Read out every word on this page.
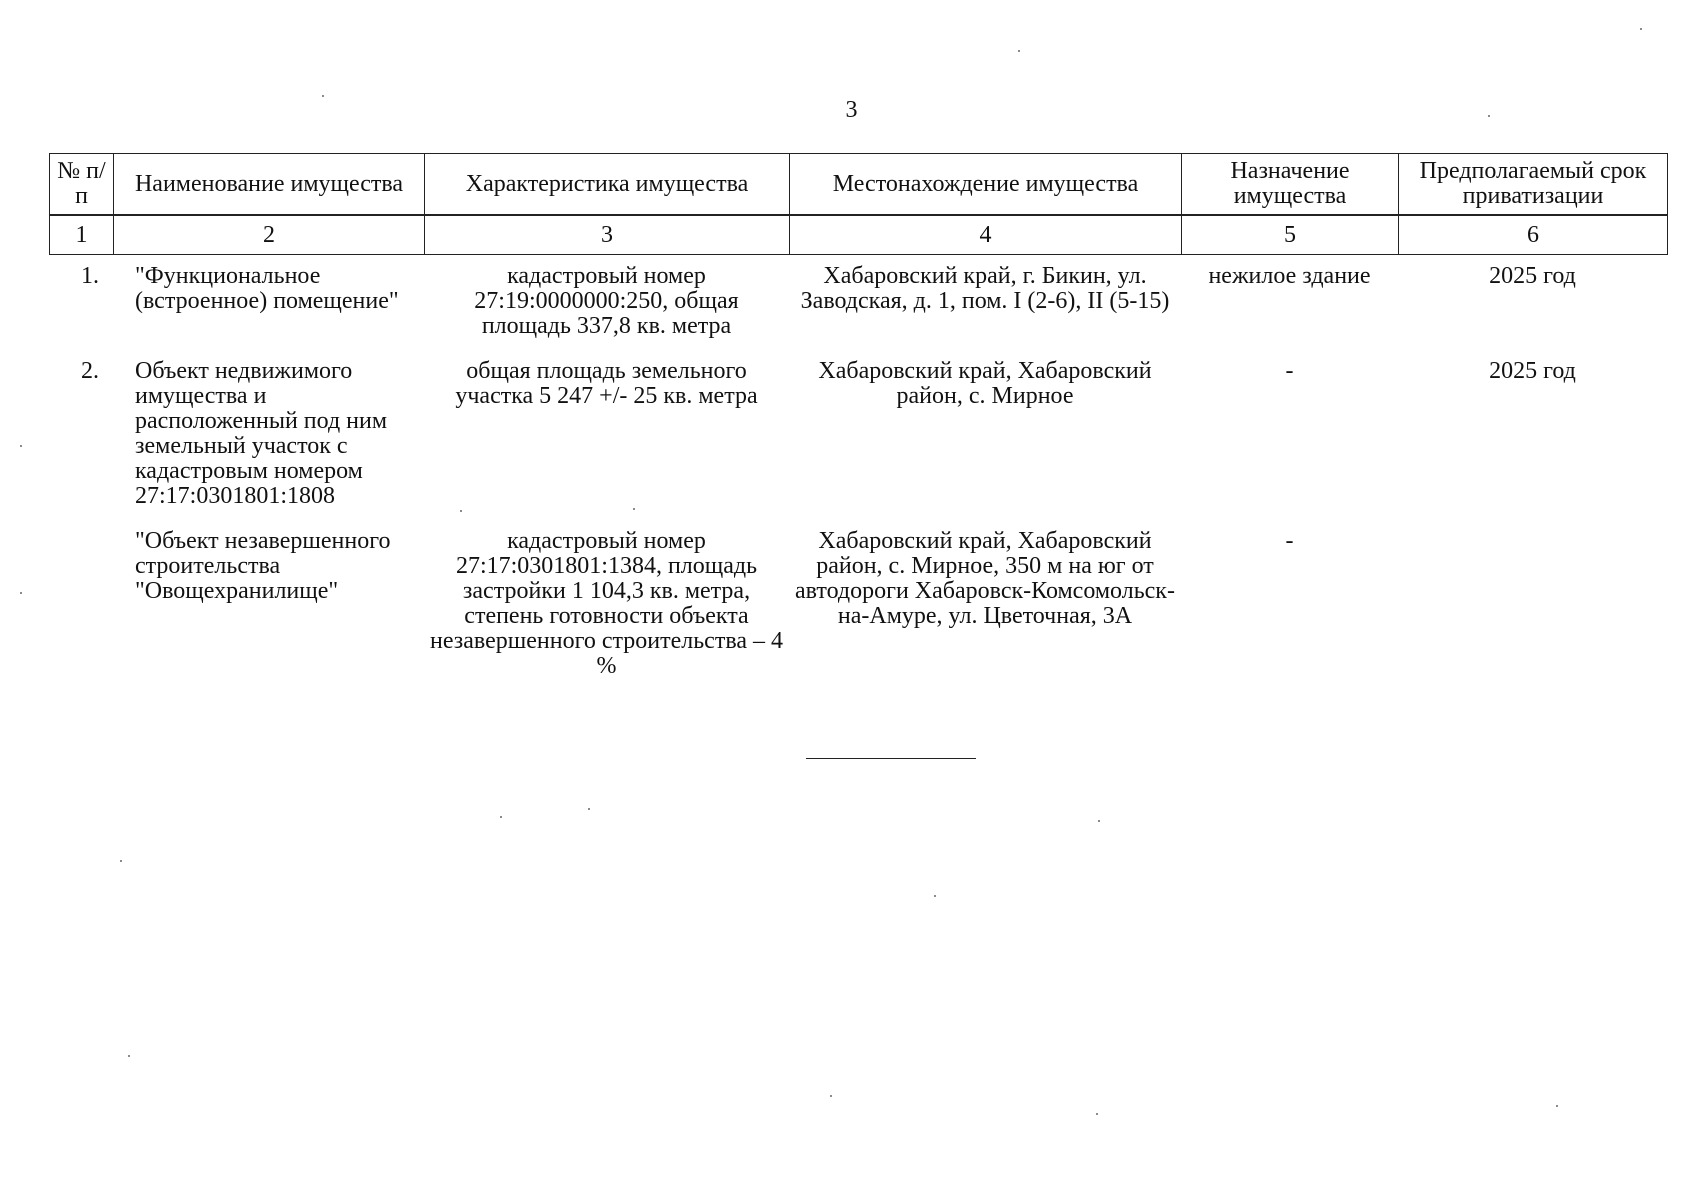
3
№ п/п	Наименование имущества	Характеристика имущества	Местонахождение имущества	Назначение имущества	Предполагаемый срок приватизации
1	2	3	4	5	6
1.	"Функциональное (встроенное) помещение"	кадастровый номер 27:19:0000000:250, общая площадь 337,8 кв. метра	Хабаровский край, г. Бикин, ул. Заводская, д. 1, пом. I (2-6), II (5-15)	нежилое здание	2025 год
2.	Объект недвижимого имущества и расположенный под ним земельный участок с кадастровым номером 27:17:0301801:1808	общая площадь земельного участка 5 247 +/- 25 кв. метра	Хабаровский край, Хабаровский район, с. Мирное	-	2025 год
	"Объект незавершенного строительства "Овощехранилище"	кадастровый номер 27:17:0301801:1384, площадь застройки 1 104,3 кв. метра, степень готовности объекта незавершенного строительства – 4 %	Хабаровский край, Хабаровский район, с. Мирное, 350 м на юг от автодороги Хабаровск-Комсомольск-на-Амуре, ул. Цветочная, 3А	-	
